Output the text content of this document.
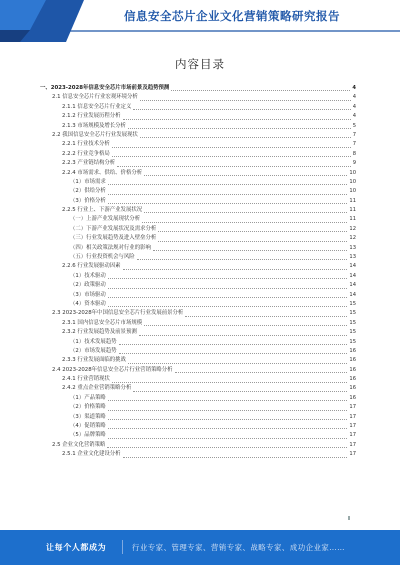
信息安全芯片企业文化营销策略研究报告
内容目录
一、2023-2028年信息安全芯片市场前景及趋势预测	4
2.1 信息安全芯片行业宏观环境分析	4
2.1.1 信息安全芯片行业定义	4
2.1.2 行业发展历程分析	4
2.1.3 市场规模及增长分析	5
2.2 我国信息安全芯片行业发展现状	7
2.2.1 行业技术分析	7
2.2.2 行业竞争格局	8
2.2.3 产业链结构分析	9
2.2.4 市场需求、供给、价格分析	10
（1）市场需求	10
（2）供给分析	10
（3）价格分析	11
2.2.5 行业上、下游产业发展状况	11
（一）上游产业发展现状分析	11
（二）下游产业发展状况及需求分析	12
（三）行业发展趋势及进入壁垒分析	12
（四）相关政策法规对行业的影响	13
（五）行业投资机会与风险	13
2.2.6 行业发展驱动因素	14
（1）技术驱动	14
（2）政策驱动	14
（3）市场驱动	14
（4）资本驱动	15
2.3 2023-2028年中国信息安全芯片行业发展前景分析	15
2.3.1 国内信息安全芯片市场规模	15
2.3.2 行业发展趋势及前景预测	15
（1）技术发展趋势	15
（2）市场发展趋势	16
2.3.3 行业发展面临的挑战	16
2.4 2023-2028年信息安全芯片行业营销策略分析	16
2.4.1 行业营销现状	16
2.4.2 重点企业营销策略分析	16
（1）产品策略	16
（2）价格策略	17
（3）渠道策略	17
（4）促销策略	17
（5）品牌策略	17
2.5 企业文化营销策略	17
2.5.1 企业文化建设分析	17
让每个人都成为	行业专家、管理专家、营销专家、战略专家、成功企业家……
